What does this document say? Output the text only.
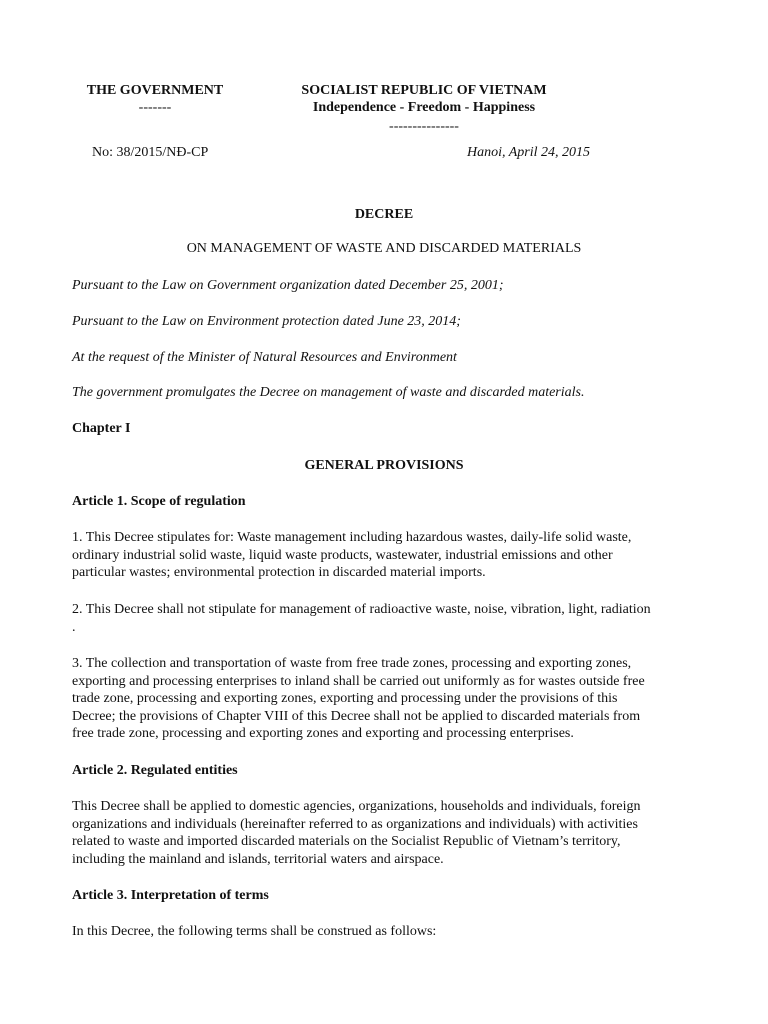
THE GOVERNMENT
-------
SOCIALIST REPUBLIC OF VIETNAM
Independence - Freedom - Happiness
---------------
No: 38/2015/NĐ-CP	Hanoi, April 24, 2015
DECREE
ON MANAGEMENT OF WASTE AND DISCARDED MATERIALS
Pursuant to the Law on Government organization dated December 25, 2001;
Pursuant to the Law on Environment protection dated June 23, 2014;
At the request of the Minister of Natural Resources and Environment
The government promulgates the Decree on management of waste and discarded materials.
Chapter I
GENERAL PROVISIONS
Article 1. Scope of regulation
1. This Decree stipulates for: Waste management including hazardous wastes, daily-life solid waste,
ordinary industrial solid waste, liquid waste products, wastewater, industrial emissions and other
particular wastes; environmental protection in discarded material imports.
2. This Decree shall not stipulate for management of radioactive waste, noise, vibration, light, radiation
.
3. The collection and transportation of waste from free trade zones, processing and exporting zones,
exporting and processing enterprises to inland shall be carried out uniformly as for wastes outside free
trade zone, processing and exporting zones, exporting and processing under the provisions of this
Decree; the provisions of Chapter VIII of this Decree shall not be applied to discarded materials from
free trade zone, processing and exporting zones and exporting and processing enterprises.
Article 2. Regulated entities
This Decree shall be applied to domestic agencies, organizations, households and individuals, foreign
organizations and individuals (hereinafter referred to as organizations and individuals) with activities
related to waste and imported discarded materials on the Socialist Republic of Vietnam’s territory,
including the mainland and islands, territorial waters and airspace.
Article 3. Interpretation of terms
In this Decree, the following terms shall be construed as follows:
